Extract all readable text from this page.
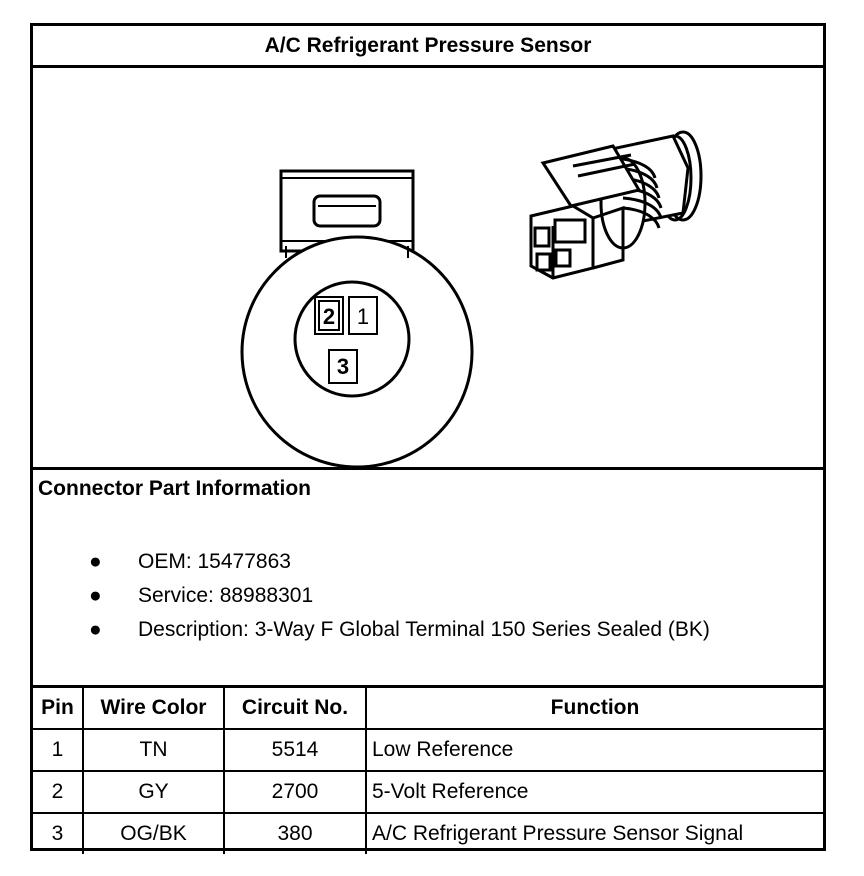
A/C Refrigerant Pressure Sensor
2 1
3
Connector Part Information
● OEM: 15477863
● Service: 88988301
● Description: 3-Way F Global Terminal 150 Series Sealed (BK)
Pin	Wire Color	Circuit No.	Function
1	TN	5514	Low Reference
2	GY	2700	5-Volt Reference
3	OG/BK	380	A/C Refrigerant Pressure Sensor Signal
